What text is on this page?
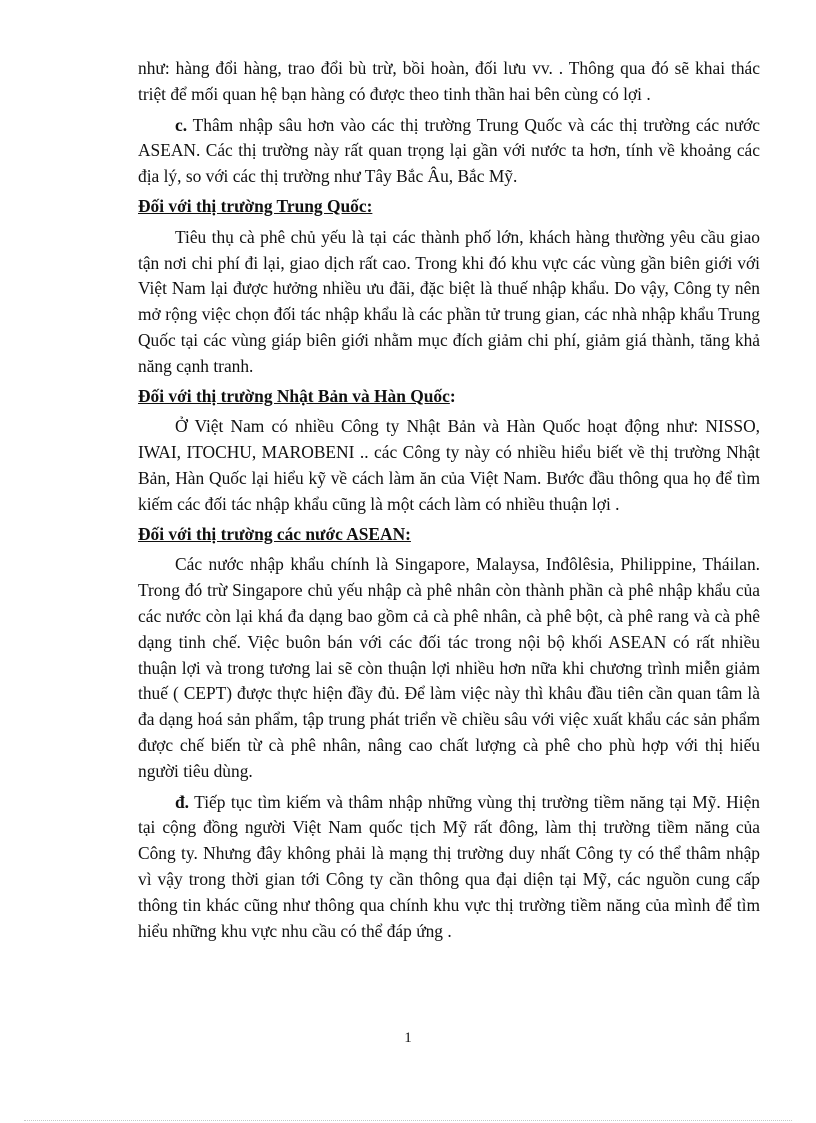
như: hàng đổi hàng, trao đổi bù trừ, bồi hoàn, đối lưu vv. . Thông qua đó sẽ khai thác triệt để mối quan hệ bạn hàng có được theo tinh thần hai bên cùng có lợi .

c. Thâm nhập sâu hơn vào các thị trường Trung Quốc và các thị trường các nước ASEAN. Các thị trường này rất quan trọng lại gần với nước ta hơn, tính về khoảng các địa lý, so với các thị trường như Tây Bắc Âu, Bắc Mỹ.

Đối với thị trường Trung Quốc:

Tiêu thụ cà phê chủ yếu là tại các thành phố lớn, khách hàng thường yêu cầu giao tận nơi chi phí đi lại, giao dịch rất cao. Trong khi đó khu vực các vùng gần biên giới với Việt Nam lại được hưởng nhiều ưu đãi, đặc biệt là thuế nhập khẩu. Do vậy, Công ty nên mở rộng việc chọn đối tác nhập khẩu là các phần tử trung gian, các nhà nhập khẩu Trung Quốc tại các vùng giáp biên giới nhằm mục đích giảm chi phí, giảm giá thành, tăng khả năng cạnh tranh.

Đối với thị trường Nhật Bản và Hàn Quốc:

Ở Việt Nam có nhiều Công ty Nhật Bản và Hàn Quốc hoạt động như: NISSO, IWAI, ITOCHU, MAROBENI .. các Công ty này có nhiều hiểu biết về thị trường Nhật Bản, Hàn Quốc lại hiểu kỹ về cách làm ăn của Việt Nam. Bước đầu thông qua họ để tìm kiếm các đối tác nhập khẩu cũng là một cách làm có nhiều thuận lợi .

Đối với thị trường các nước ASEAN:

Các nước nhập khẩu chính là Singapore, Malaysa, Inđôlêsia, Philippine, Tháilan. Trong đó trừ Singapore chủ yếu nhập cà phê nhân còn thành phần cà phê nhập khẩu của các nước còn lại khá đa dạng bao gồm cả cà phê nhân, cà phê bột, cà phê rang và cà phê dạng tinh chế. Việc buôn bán với các đối tác trong nội bộ khối ASEAN có rất nhiều thuận lợi và trong tương lai sẽ còn thuận lợi nhiều hơn nữa khi chương trình miễn giảm thuế ( CEPT) được thực hiện đầy đủ. Để làm việc này thì khâu đầu tiên cần quan tâm là đa dạng hoá sản phẩm, tập trung phát triển về chiều sâu với việc xuất khẩu các sản phẩm được chế biến từ cà phê nhân, nâng cao chất lượng cà phê cho phù hợp với thị hiếu người tiêu dùng.

đ. Tiếp tục tìm kiếm và thâm nhập những vùng thị trường tiềm năng tại Mỹ. Hiện tại cộng đồng người Việt Nam quốc tịch Mỹ rất đông, làm thị trường tiềm năng của Công ty. Nhưng đây không phải là mạng thị trường duy nhất Công ty có thể thâm nhập vì vậy trong thời gian tới Công ty cần thông qua đại diện tại Mỹ, các nguồn cung cấp thông tin khác cũng như thông qua chính khu vực thị trường tiềm năng của mình để tìm hiểu những khu vực nhu cầu có thể đáp ứng .

1
